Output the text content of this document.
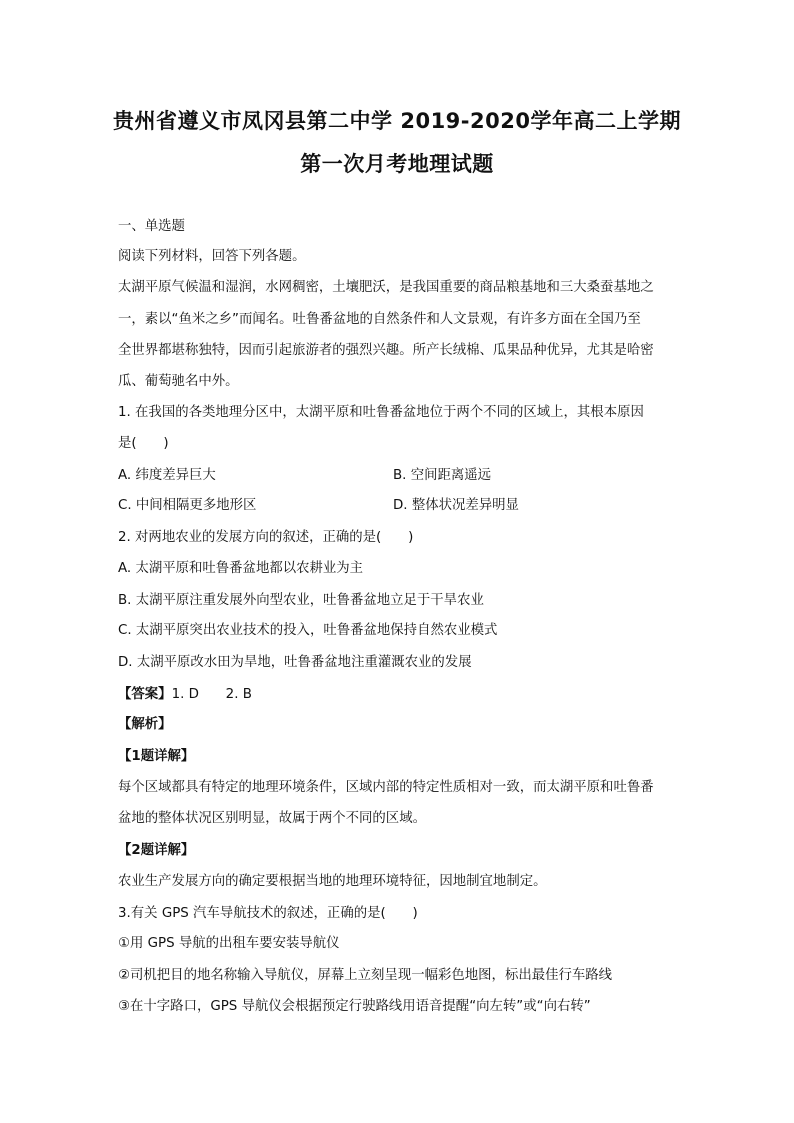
贵州省遵义市凤冈县第二中学 2019-2020学年高二上学期
第一次月考地理试题
一、单选题
阅读下列材料，回答下列各题。
太湖平原气候温和湿润，水网稠密，土壤肥沃，是我国重要的商品粮基地和三大桑蚕基地之
一，素以“鱼米之乡”而闻名。吐鲁番盆地的自然条件和人文景观，有许多方面在全国乃至
全世界都堪称独特，因而引起旅游者的强烈兴趣。所产长绒棉、瓜果品种优异，尤其是哈密
瓜、葡萄驰名中外。
1. 在我国的各类地理分区中，太湖平原和吐鲁番盆地位于两个不同的区域上，其根本原因
是(　　)
A. 纬度差异巨大	B. 空间距离遥远
C. 中间相隔更多地形区	D. 整体状况差异明显
2. 对两地农业的发展方向的叙述，正确的是(　　)
A. 太湖平原和吐鲁番盆地都以农耕业为主
B. 太湖平原注重发展外向型农业，吐鲁番盆地立足于干旱农业
C. 太湖平原突出农业技术的投入，吐鲁番盆地保持自然农业模式
D. 太湖平原改水田为旱地，吐鲁番盆地注重灌溉农业的发展
【答案】1. D　　2. B
【解析】
【1题详解】
每个区域都具有特定的地理环境条件，区域内部的特定性质相对一致，而太湖平原和吐鲁番
盆地的整体状况区别明显，故属于两个不同的区域。
【2题详解】
农业生产发展方向的确定要根据当地的地理环境特征，因地制宜地制定。
3.有关 GPS 汽车导航技术的叙述，正确的是(　　)
①用 GPS 导航的出租车要安装导航仪
②司机把目的地名称输入导航仪，屏幕上立刻呈现一幅彩色地图，标出最佳行车路线
③在十字路口，GPS 导航仪会根据预定行驶路线用语音提醒“向左转”或“向右转”
